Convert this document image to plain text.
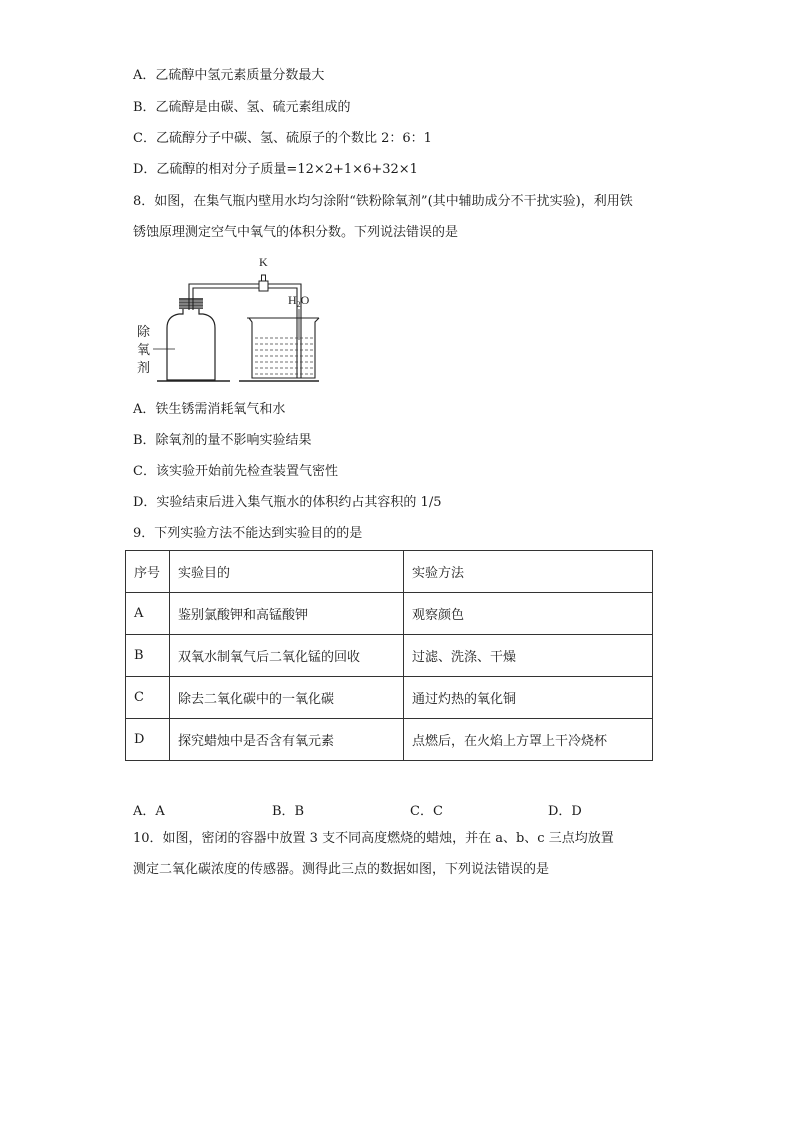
A．乙硫醇中氢元素质量分数最大
B．乙硫醇是由碳、氢、硫元素组成的
C．乙硫醇分子中碳、氢、硫原子的个数比 2：6：1
D．乙硫醇的相对分子质量=12×2+1×6+32×1
8．如图，在集气瓶内壁用水均匀涂附“铁粉除氧剂”(其中辅助成分不干扰实验)，利用铁
锈蚀原理测定空气中氧气的体积分数。下列说法错误的是
K
$H_2O$
除
氧
剂
A．铁生锈需消耗氧气和水
B．除氧剂的量不影响实验结果
C．该实验开始前先检查装置气密性
D．实验结束后进入集气瓶水的体积约占其容积的 1/5
9．下列实验方法不能达到实验目的的是
序号	实验目的	实验方法
A	鉴别氯酸钾和高锰酸钾	观察颜色
B	双氧水制氧气后二氧化锰的回收	过滤、洗涤、干燥
C	除去二氧化碳中的一氧化碳	通过灼热的氧化铜
D	探究蜡烛中是否含有氧元素	点燃后，在火焰上方罩上干冷烧杯
A．A	B．B	C．C	D．D
10．如图，密闭的容器中放置 3 支不同高度燃烧的蜡烛，并在 a、b、c 三点均放置
测定二氧化碳浓度的传感器。测得此三点的数据如图，下列说法错误的是
